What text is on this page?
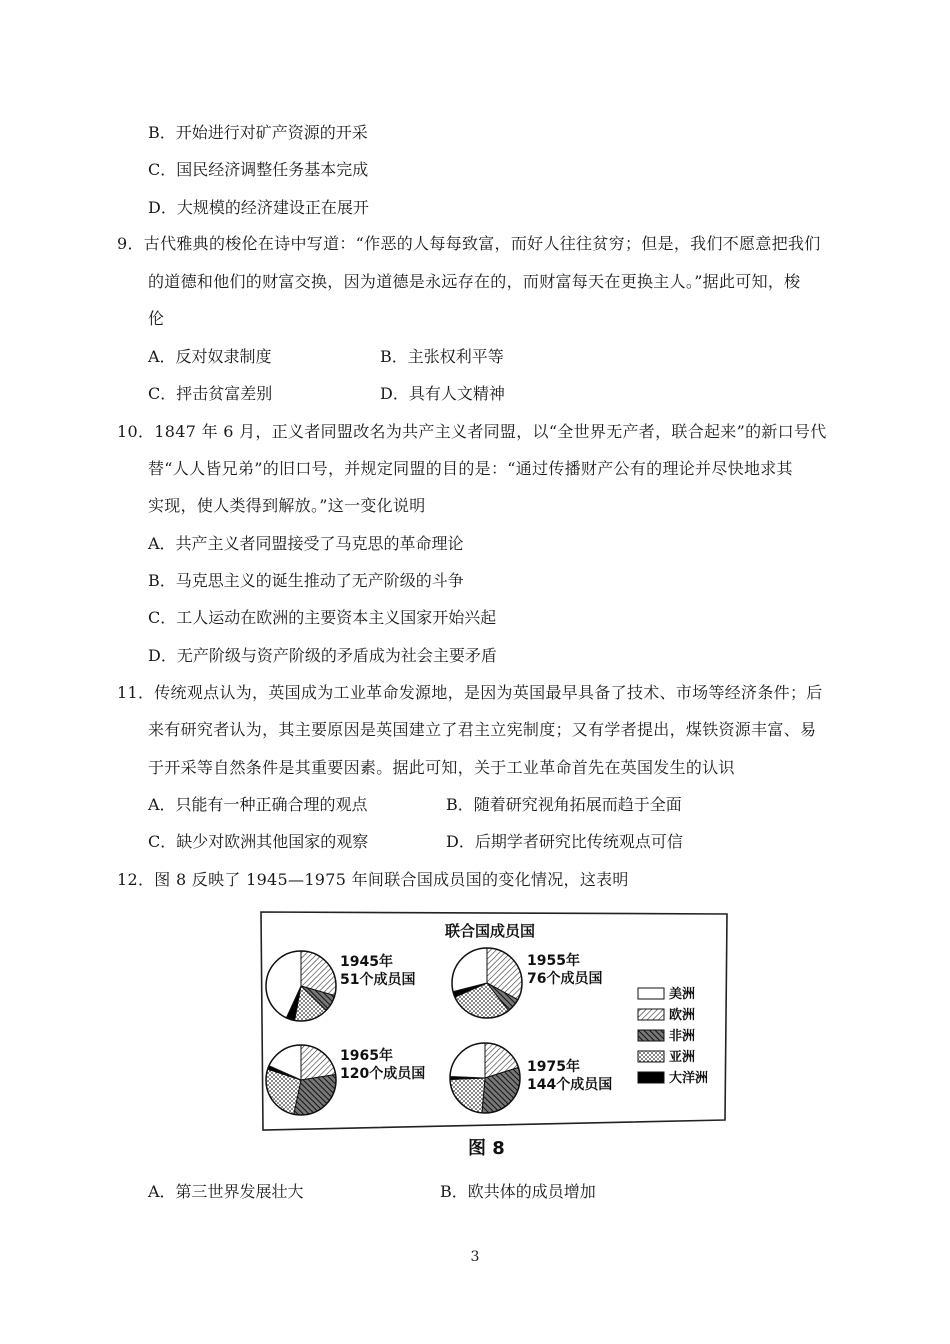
B．开始进行对矿产资源的开采
C．国民经济调整任务基本完成
D．大规模的经济建设正在展开
9．古代雅典的梭伦在诗中写道：“作恶的人每每致富，而好人往往贫穷；但是，我们不愿意把我们
的道德和他们的财富交换，因为道德是永远存在的，而财富每天在更换主人。”据此可知，梭
伦
A．反对奴隶制度	B．主张权利平等
C．抨击贫富差别	D．具有人文精神
10．1847 年 6 月，正义者同盟改名为共产主义者同盟，以“全世界无产者，联合起来”的新口号代
替“人人皆兄弟”的旧口号，并规定同盟的目的是：“通过传播财产公有的理论并尽快地求其
实现，使人类得到解放。”这一变化说明
A．共产主义者同盟接受了马克思的革命理论
B．马克思主义的诞生推动了无产阶级的斗争
C．工人运动在欧洲的主要资本主义国家开始兴起
D．无产阶级与资产阶级的矛盾成为社会主要矛盾
11．传统观点认为，英国成为工业革命发源地，是因为英国最早具备了技术、市场等经济条件；后
来有研究者认为，其主要原因是英国建立了君主立宪制度；又有学者提出，煤铁资源丰富、易
于开采等自然条件是其重要因素。据此可知，关于工业革命首先在英国发生的认识
A．只能有一种正确合理的观点	B．随着研究视角拓展而趋于全面
C．缺少对欧洲其他国家的观察	D．后期学者研究比传统观点可信
12．图 8 反映了 1945—1975 年间联合国成员国的变化情况，这表明
联合国成员国
1945年
51个成员国
1955年
76个成员国
1965年
120个成员国	1975年
144个成员国
美洲
欧洲
非洲
亚洲
大洋洲
图 8
A．第三世界发展壮大	B．欧共体的成员增加
3
